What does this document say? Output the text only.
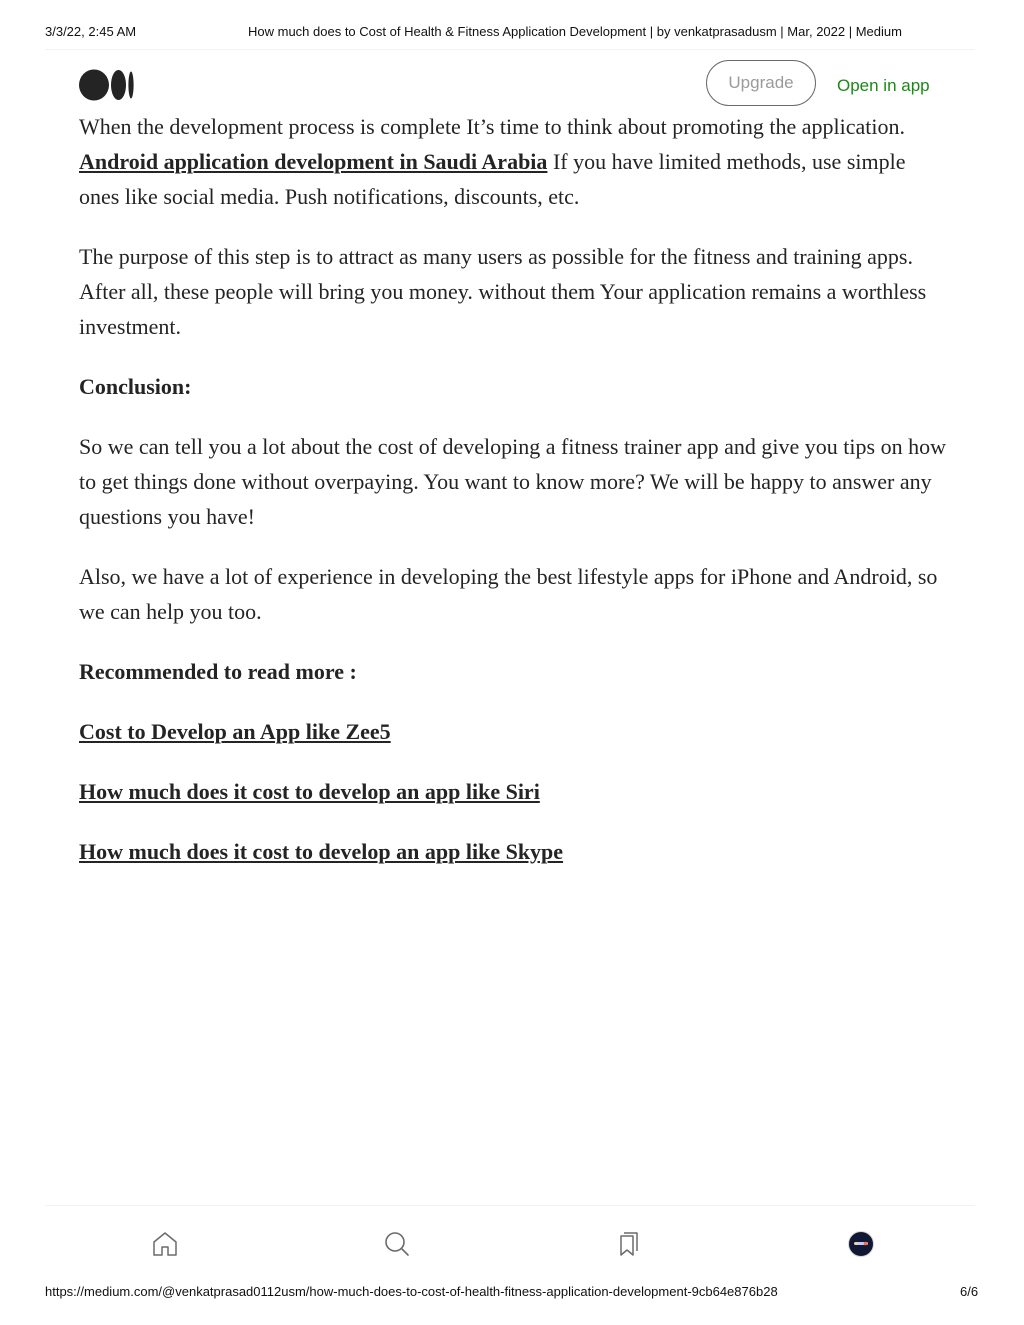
3/3/22, 2:45 AM	How much does to Cost of Health & Fitness Application Development | by venkatprasadusm | Mar, 2022 | Medium
Upgrade	Open in app

When the development process is complete It’s time to think about promoting the application. Android application development in Saudi Arabia If you have limited methods, use simple ones like social media. Push notifications, discounts, etc.

The purpose of this step is to attract as many users as possible for the fitness and training apps. After all, these people will bring you money. without them Your application remains a worthless investment.

Conclusion:

So we can tell you a lot about the cost of developing a fitness trainer app and give you tips on how to get things done without overpaying. You want to know more? We will be happy to answer any questions you have!

Also, we have a lot of experience in developing the best lifestyle apps for iPhone and Android, so we can help you too.

Recommended to read more :

Cost to Develop an App like Zee5

How much does it cost to develop an app like Siri

How much does it cost to develop an app like Skype

https://medium.com/@venkatprasad0112usm/how-much-does-to-cost-of-health-fitness-application-development-9cb64e876b28	6/6
